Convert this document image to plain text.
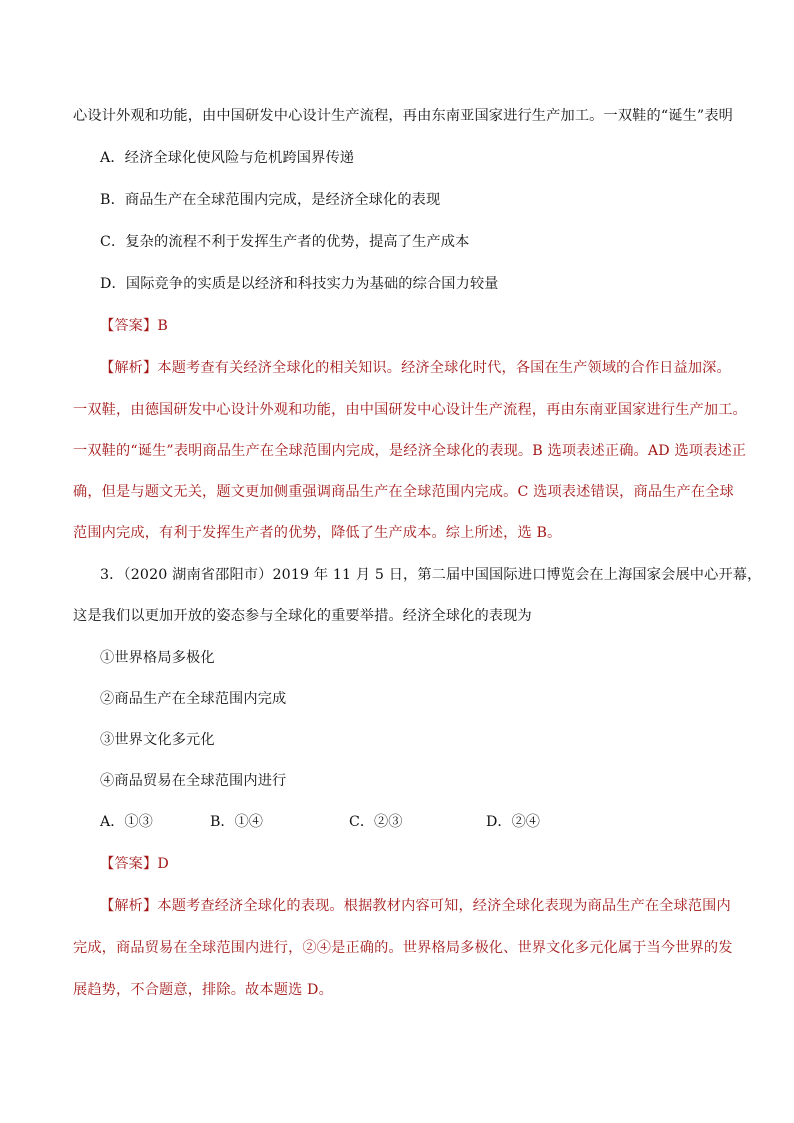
心设计外观和功能，由中国研发中心设计生产流程，再由东南亚国家进行生产加工。一双鞋的“诞生”表明
A．经济全球化使风险与危机跨国界传递
B．商品生产在全球范围内完成，是经济全球化的表现
C．复杂的流程不利于发挥生产者的优势，提高了生产成本
D．国际竞争的实质是以经济和科技实力为基础的综合国力较量
【答案】B
【解析】本题考查有关经济全球化的相关知识。经济全球化时代，各国在生产领域的合作日益加深。
一双鞋，由德国研发中心设计外观和功能，由中国研发中心设计生产流程，再由东南亚国家进行生产加工。
一双鞋的“诞生”表明商品生产在全球范围内完成，是经济全球化的表现。B 选项表述正确。AD 选项表述正
确，但是与题文无关，题文更加侧重强调商品生产在全球范围内完成。C 选项表述错误，商品生产在全球
范围内完成，有利于发挥生产者的优势，降低了生产成本。综上所述，选 B。
3．（2020 湖南省邵阳市）2019 年 11 月 5 日，第二届中国国际进口博览会在上海国家会展中心开幕，
这是我们以更加开放的姿态参与全球化的重要举措。经济全球化的表现为
①世界格局多极化
②商品生产在全球范围内完成
③世界文化多元化
④商品贸易在全球范围内进行
A．①③	B．①④	C．②③	D．②④
【答案】D
【解析】本题考查经济全球化的表现。根据教材内容可知，经济全球化表现为商品生产在全球范围内
完成，商品贸易在全球范围内进行，②④是正确的。世界格局多极化、世界文化多元化属于当今世界的发
展趋势，不合题意，排除。故本题选 D。
